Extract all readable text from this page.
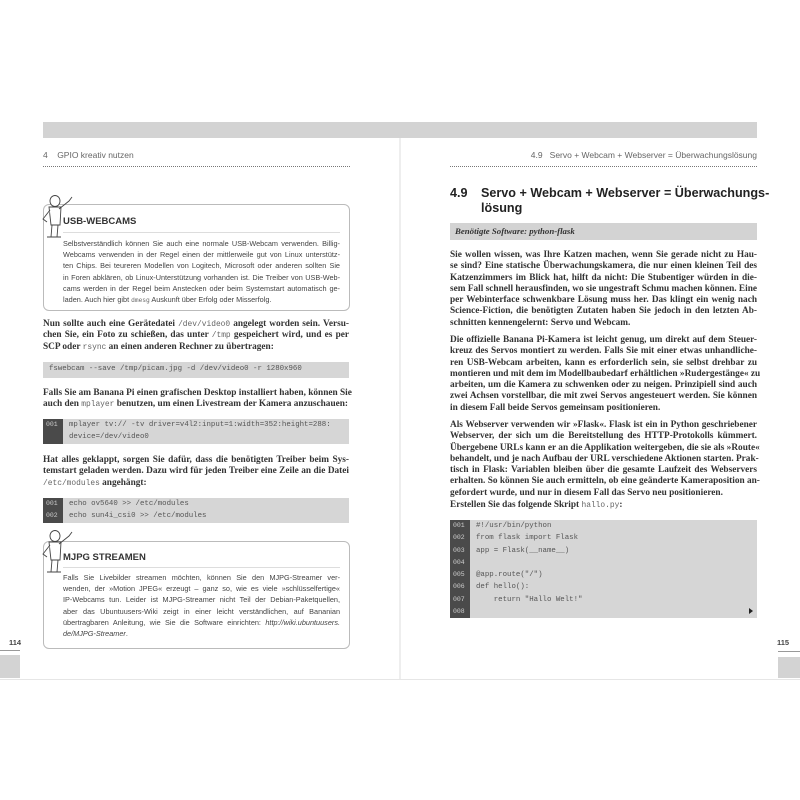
4 GPIO kreativ nutzen
USB-WEBCAMS
Selbstverständlich können Sie auch eine normale USB-Webcam verwenden. Billig-
Webcams verwenden in der Regel einen der mittlerweile gut von Linux unterstütz-
ten Chips. Bei teureren Modellen von Logitech, Microsoft oder anderen sollten Sie
in Foren abklären, ob Linux-Unterstützung vorhanden ist. Die Treiber von USB-Web-
cams werden in der Regel beim Anstecken oder beim Systemstart automatisch ge-
laden. Auch hier gibt dmesg Auskunft über Erfolg oder Misserfolg.
Nun sollte auch eine Gerätedatei /dev/video0 angelegt worden sein. Versu-
chen Sie, ein Foto zu schießen, das unter /tmp gespeichert wird, und es per
SCP oder rsync an einen anderen Rechner zu übertragen:
fswebcam --save /tmp/picam.jpg -d /dev/video0 -r 1280x960
Falls Sie am Banana Pi einen grafischen Desktop installiert haben, können Sie
auch den mplayer benutzen, um einen Livestream der Kamera anzuschauen:
001	mplayer tv:// -tv driver=v4l2:input=1:width=352:height=288:
device=/dev/video0
Hat alles geklappt, sorgen Sie dafür, dass die benötigten Treiber beim Sys-
temstart geladen werden. Dazu wird für jeden Treiber eine Zeile an die Datei
/etc/modules angehängt:
001	echo ov5640 >> /etc/modules
002	echo sun4i_csi0 >> /etc/modules
MJPG STREAMEN
Falls Sie Livebilder streamen möchten, können Sie den MJPG-Streamer ver-
wenden, der »Motion JPEG« erzeugt – ganz so, wie es viele »schlüsselfertige«
IP-Webcams tun. Leider ist MJPG-Streamer nicht Teil der Debian-Paketquellen,
aber das Ubuntuusers-Wiki zeigt in einer leicht verständlichen, auf Bananian
übertragbaren Anleitung, wie Sie die Software einrichten: http://wiki.ubuntuusers.
de/MJPG-Streamer.
114
4.9 Servo + Webcam + Webserver = Überwachungslösung
4.9 Servo + Webcam + Webserver = Überwachungs-
lösung
Benötigte Software: python-flask
Sie wollen wissen, was Ihre Katzen machen, wenn Sie gerade nicht zu Hau-
se sind? Eine statische Überwachungskamera, die nur einen kleinen Teil des
Katzenzimmers im Blick hat, hilft da nicht: Die Stubentiger würden in die-
sem Fall schnell herausfinden, wo sie ungestraft Schmu machen können. Eine
per Webinterface schwenkbare Lösung muss her. Das klingt ein wenig nach
Science-Fiction, die benötigten Zutaten haben Sie jedoch in den letzten Ab-
schnitten kennengelernt: Servo und Webcam.
Die offizielle Banana Pi-Kamera ist leicht genug, um direkt auf dem Steuer-
kreuz des Servos montiert zu werden. Falls Sie mit einer etwas unhandliche-
ren USB-Webcam arbeiten, kann es erforderlich sein, sie selbst drehbar zu
montieren und mit dem im Modellbaubedarf erhältlichen »Rudergestänge« zu
arbeiten, um die Kamera zu schwenken oder zu neigen. Prinzipiell sind auch
zwei Achsen vorstellbar, die mit zwei Servos angesteuert werden. Sie können
in diesem Fall beide Servos gemeinsam positionieren.
Als Webserver verwenden wir »Flask«. Flask ist ein in Python geschriebener
Webserver, der sich um die Bereitstellung des HTTP-Protokolls kümmert.
Übergebene URLs kann er an die Applikation weitergeben, die sie als »Route«
behandelt, und je nach Aufbau der URL verschiedene Aktionen starten. Prak-
tisch in Flask: Variablen bleiben über die gesamte Laufzeit des Webservers
erhalten. So können Sie auch ermitteln, ob eine geänderte Kameraposition an-
gefordert wurde, und nur in diesem Fall das Servo neu positionieren.
Erstellen Sie das folgende Skript hallo.py:
001	#!/usr/bin/python
002	from flask import Flask
003	app = Flask(__name__)
004
005	@app.route("/")
006	def hello():
007	return "Hallo Welt!"
008
115
